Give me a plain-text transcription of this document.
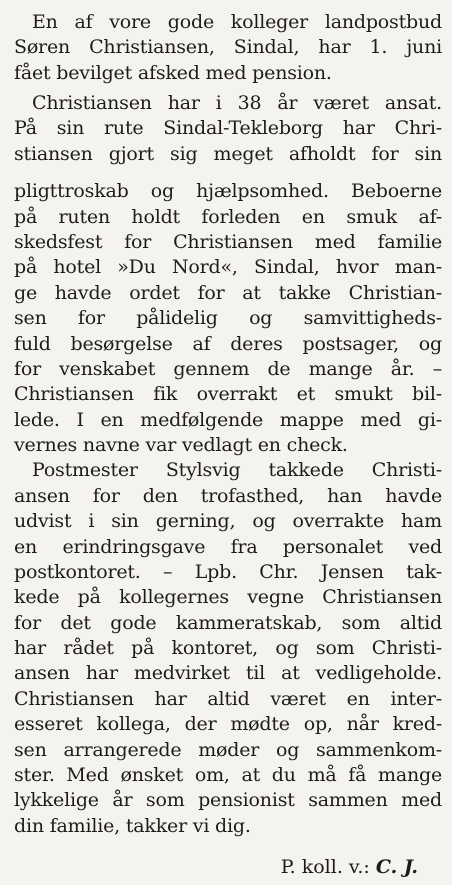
En af vore gode kolleger landpostbud
Søren Christiansen, Sindal, har 1. juni
fået bevilget afsked med pension.
Christiansen har i 38 år været ansat.
På sin rute Sindal-Tekleborg har Chri-
stiansen gjort sig meget afholdt for sin
pligttroskab og hjælpsomhed. Beboerne
på ruten holdt forleden en smuk af-
skedsfest for Christiansen med familie
på hotel »Du Nord«, Sindal, hvor man-
ge havde ordet for at takke Christian-
sen for pålidelig og samvittigheds-
fuld besørgelse af deres postsager, og
for venskabet gennem de mange år. –
Christiansen fik overrakt et smukt bil-
lede. I en medfølgende mappe med gi-
vernes navne var vedlagt en check.
Postmester Stylsvig takkede Christi-
ansen for den trofasthed, han havde
udvist i sin gerning, og overrakte ham
en erindringsgave fra personalet ved
postkontoret. – Lpb. Chr. Jensen tak-
kede på kollegernes vegne Christiansen
for det gode kammeratskab, som altid
har rådet på kontoret, og som Christi-
ansen har medvirket til at vedligeholde.
Christiansen har altid været en inter-
esseret kollega, der mødte op, når kred-
sen arrangerede møder og sammenkom-
ster. Med ønsket om, at du må få mange
lykkelige år som pensionist sammen med
din familie, takker vi dig.
P. koll. v.: C. J.
